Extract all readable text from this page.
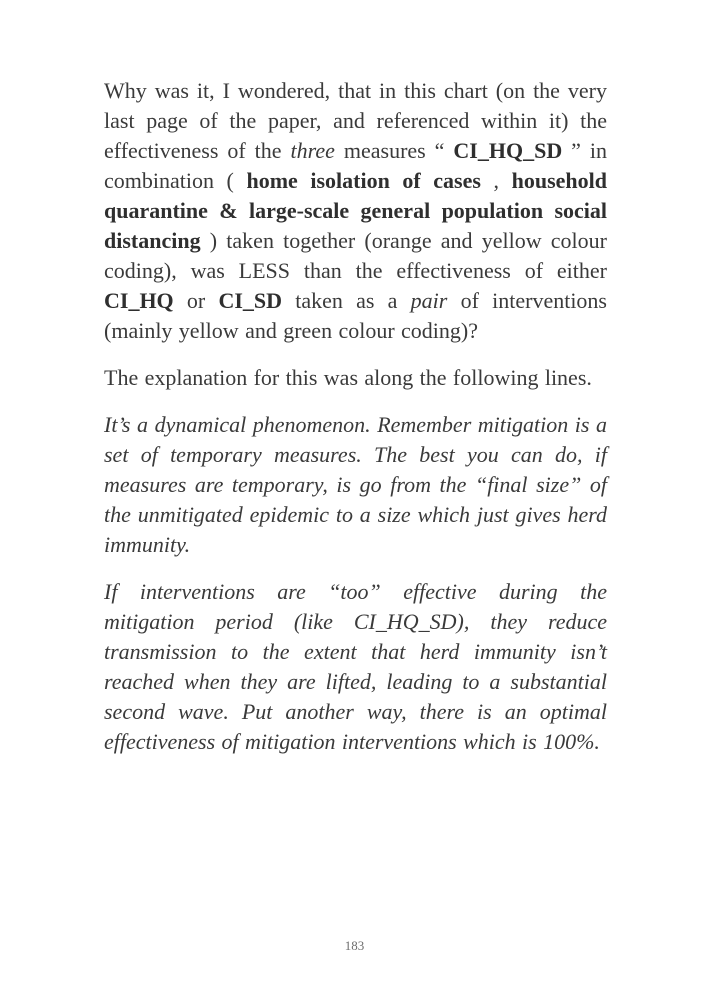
Why was it, I wondered, that in this chart (on the very last page of the paper, and referenced within it) the effectiveness of the three measures “ CI_HQ_SD ” in combination ( home isolation of cases , household quarantine & large-scale general population social distancing ) taken together (orange and yellow colour coding), was LESS than the effectiveness of either CI_HQ or CI_SD taken as a pair of interventions (mainly yellow and green colour coding)?

The explanation for this was along the following lines.

It’s a dynamical phenomenon. Remember mitigation is a set of temporary measures. The best you can do, if measures are temporary, is go from the “final size” of the unmitigated epidemic to a size which just gives herd immunity.

If interventions are “too” effective during the mitigation period (like CI_HQ_SD), they reduce transmission to the extent that herd immunity isn’t reached when they are lifted, leading to a substantial second wave. Put another way, there is an optimal effectiveness of mitigation interventions which is 100%.

183
